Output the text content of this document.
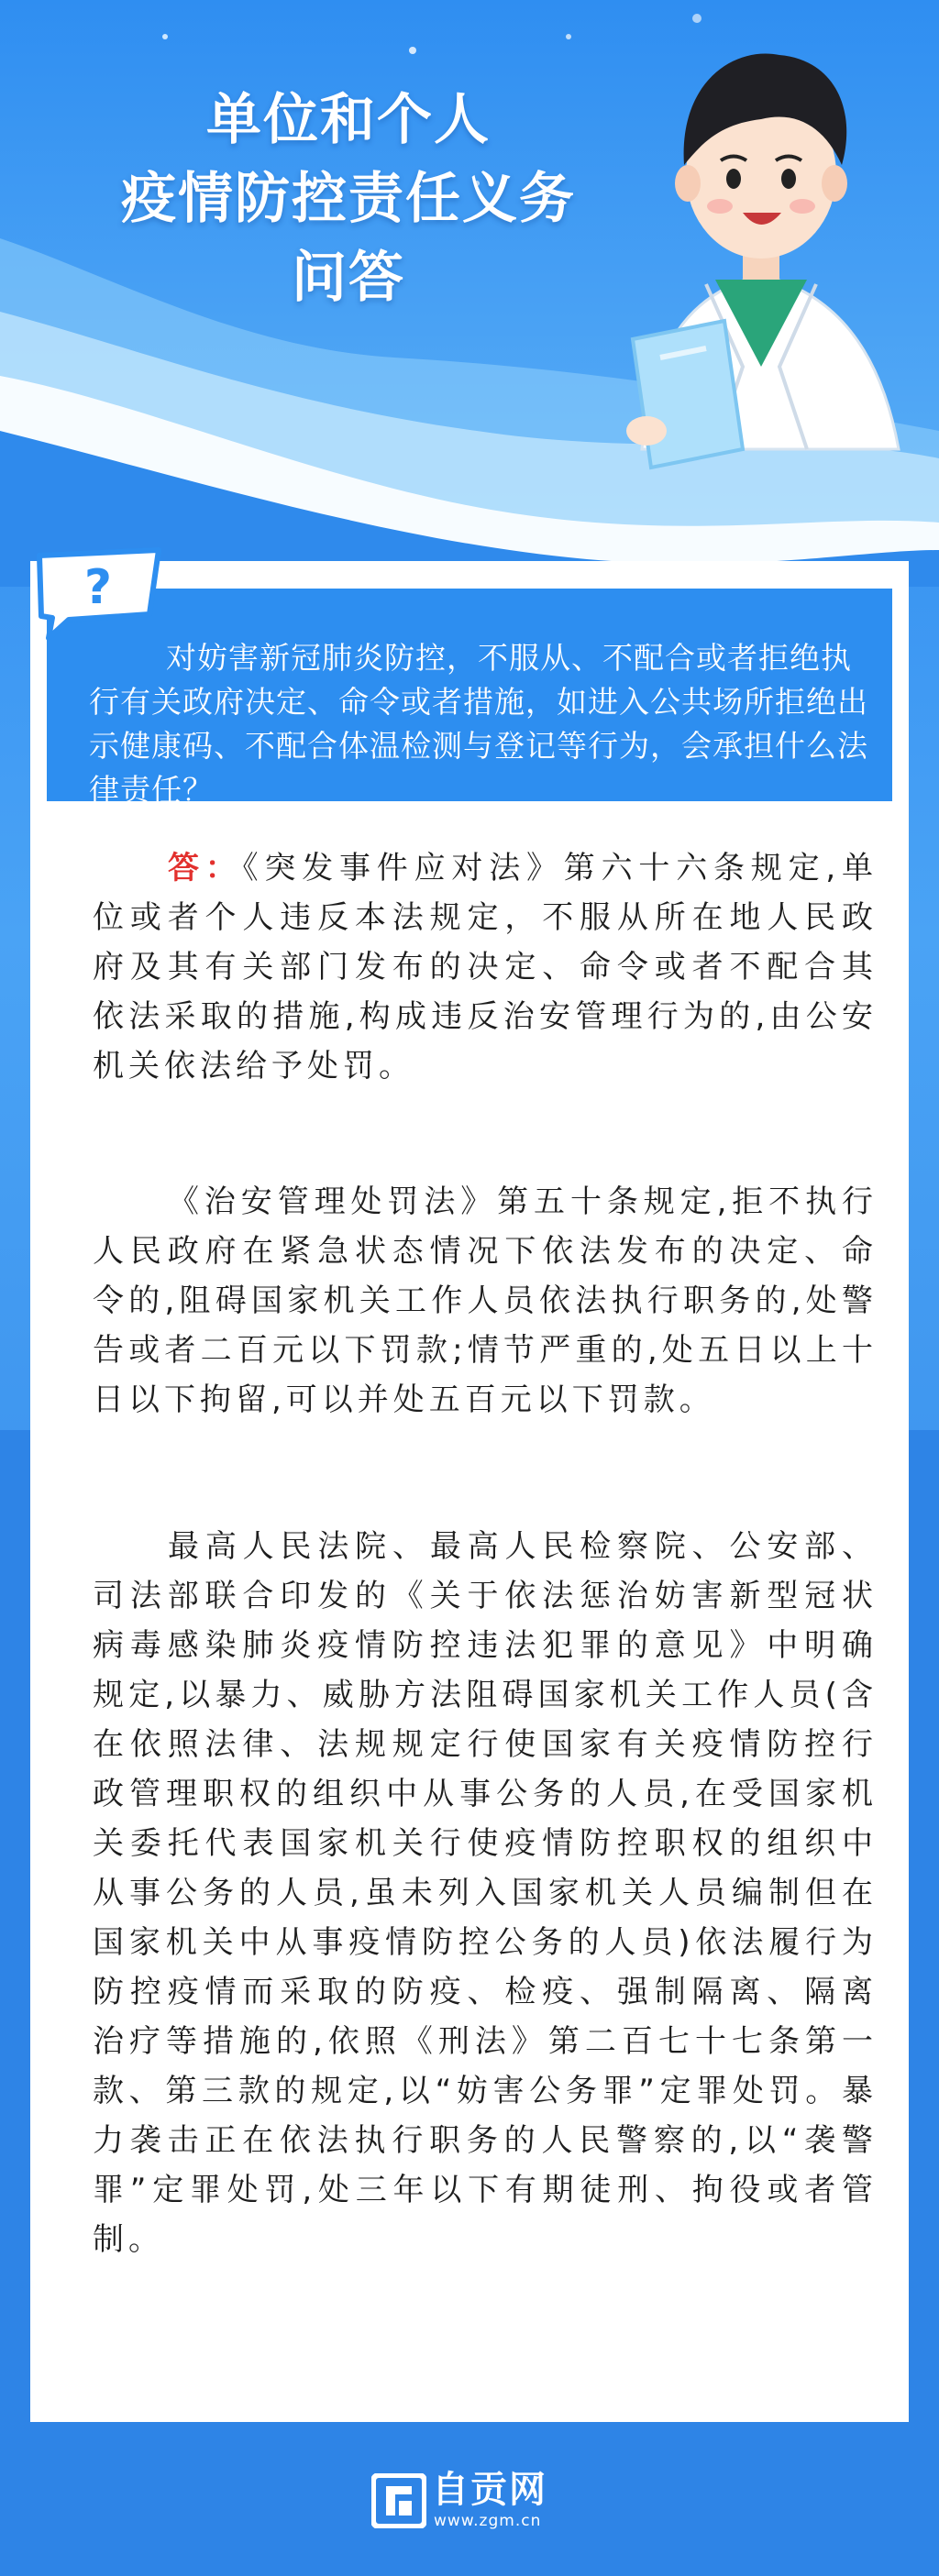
单位和个人
疫情防控责任义务
问答

对妨害新冠肺炎防控，不服从、不配合或者拒绝执行有关政府决定、命令或者措施，如进入公共场所拒绝出示健康码、不配合体温检测与登记等行为，会承担什么法律责任？

?

答：《突发事件应对法》第六十六条规定,单位或者个人违反本法规定，不服从所在地人民政府及其有关部门发布的决定、命令或者不配合其依法采取的措施,构成违反治安管理行为的,由公安机关依法给予处罚。

《治安管理处罚法》第五十条规定,拒不执行人民政府在紧急状态情况下依法发布的决定、命令的,阻碍国家机关工作人员依法执行职务的,处警告或者二百元以下罚款;情节严重的,处五日以上十日以下拘留,可以并处五百元以下罚款。

最高人民法院、最高人民检察院、公安部、司法部联合印发的《关于依法惩治妨害新型冠状病毒感染肺炎疫情防控违法犯罪的意见》中明确规定,以暴力、威胁方法阻碍国家机关工作人员(含在依照法律、法规规定行使国家有关疫情防控行政管理职权的组织中从事公务的人员,在受国家机关委托代表国家机关行使疫情防控职权的组织中从事公务的人员,虽未列入国家机关人员编制但在国家机关中从事疫情防控公务的人员)依法履行为防控疫情而采取的防疫、检疫、强制隔离、隔离治疗等措施的,依照《刑法》第二百七十七条第一款、第三款的规定,以“妨害公务罪”定罪处罚。暴力袭击正在依法执行职务的人民警察的,以“袭警罪”定罪处罚,处三年以下有期徒刑、拘役或者管制。

自贡网
www.zgm.cn
